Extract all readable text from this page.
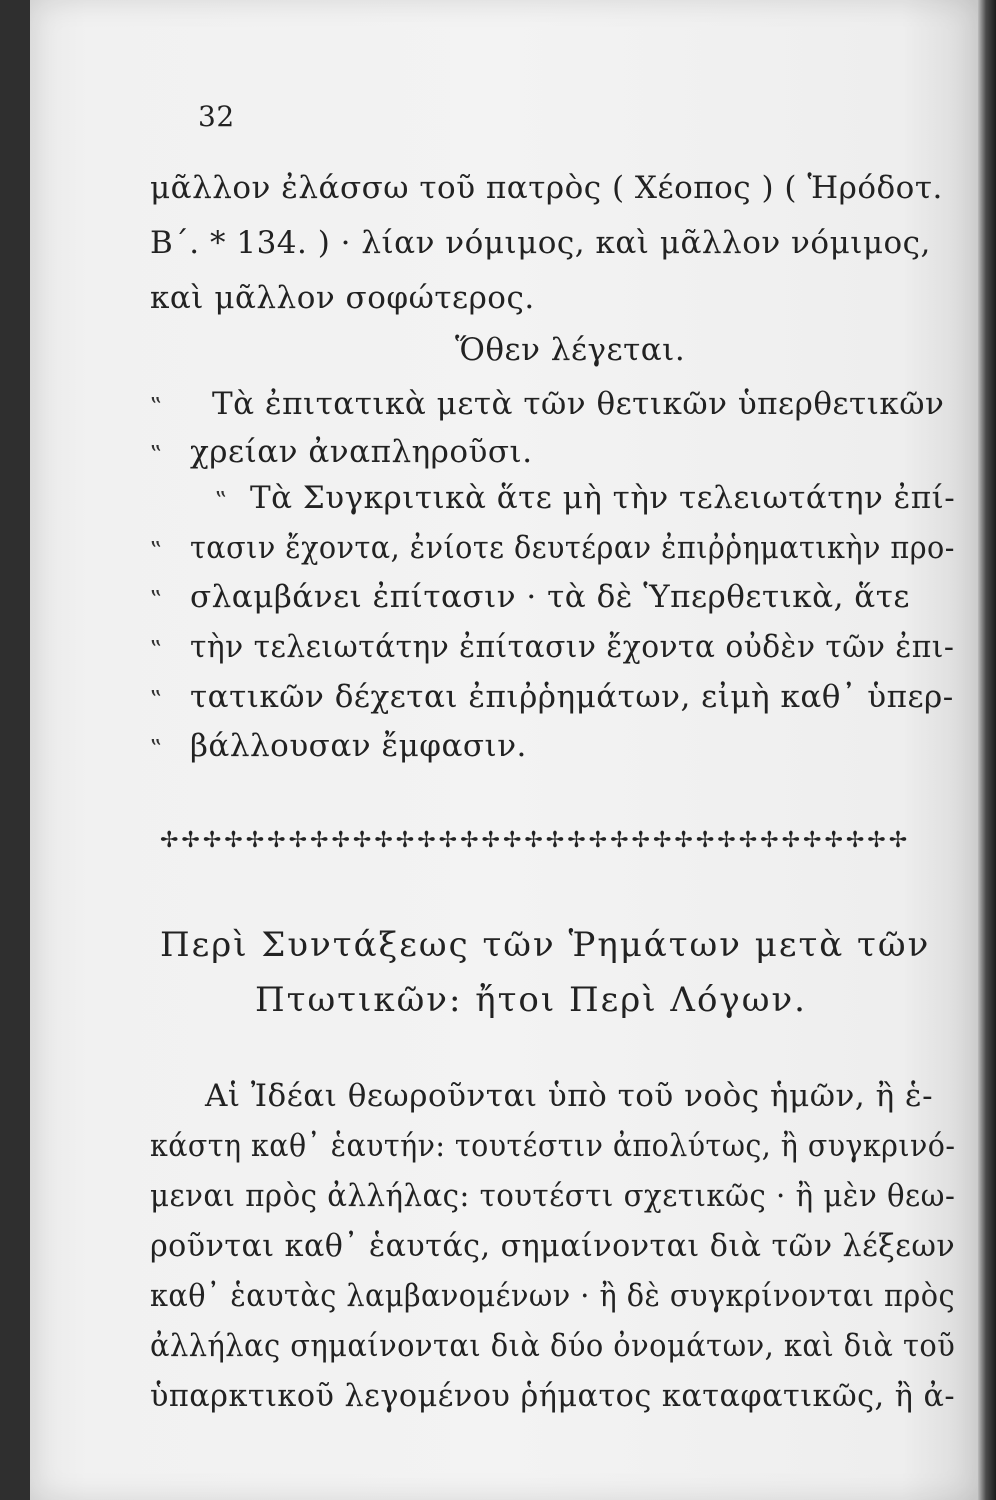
32
μᾶλλον ἐλάσσω τοῦ πατρὸς ( Χέοπος ) ( Ἡρόδοτ.
Β΄. * 134. ) · λίαν νόμιμος, καὶ μᾶλλον νόμιμος,
καὶ μᾶλλον σοφώτερος.
Ὅθεν λέγεται.
‟ Τὰ ἐπιτατικὰ μετὰ τῶν θετικῶν ὑπερθετικῶν
‟ χρείαν ἀναπληροῦσι.
‟ Τὰ Συγκριτικὰ ἅτε μὴ τὴν τελειωτάτην ἐπί-
‟ τασιν ἔχοντα, ἐνίοτε δευτέραν ἐπιῤῥηματικὴν προ-
‟ σλαμβάνει ἐπίτασιν · τὰ δὲ Ὑπερθετικὰ, ἅτε
‟ τὴν τελειωτάτην ἐπίτασιν ἔχοντα οὐδὲν τῶν ἐπι-
‟ τατικῶν δέχεται ἐπιῤῥημάτων, εἰμὴ καθ᾽ ὑπερ-
‟ βάλλουσαν ἔμφασιν.
✢✢✢✢✢✢✢✢✢✢✢✢✢✢✢✢✢✢✢✢✢✢✢✢✢✢✢✢✢✢✢✢✢✢✢
Περὶ Συντάξεως τῶν Ῥημάτων μετὰ τῶν
Πτωτικῶν: ἤτοι Περὶ Λόγων.
Αἱ Ἰδέαι θεωροῦνται ὑπὸ τοῦ νοὸς ἡμῶν, ἢ ἑ-
κάστη καθ᾽ ἑαυτήν: τουτέστιν ἀπολύτως, ἢ συγκρινό-
μεναι πρὸς ἀλλήλας: τουτέστι σχετικῶς · ἢ μὲν θεω-
ροῦνται καθ᾽ ἑαυτάς, σημαίνονται διὰ τῶν λέξεων
καθ᾽ ἑαυτὰς λαμβανομένων · ἢ δὲ συγκρίνονται πρὸς
ἀλλήλας σημαίνονται διὰ δύο ὀνομάτων, καὶ διὰ τοῦ
ὑπαρκτικοῦ λεγομένου ῥήματος καταφατικῶς, ἢ ἀ-
